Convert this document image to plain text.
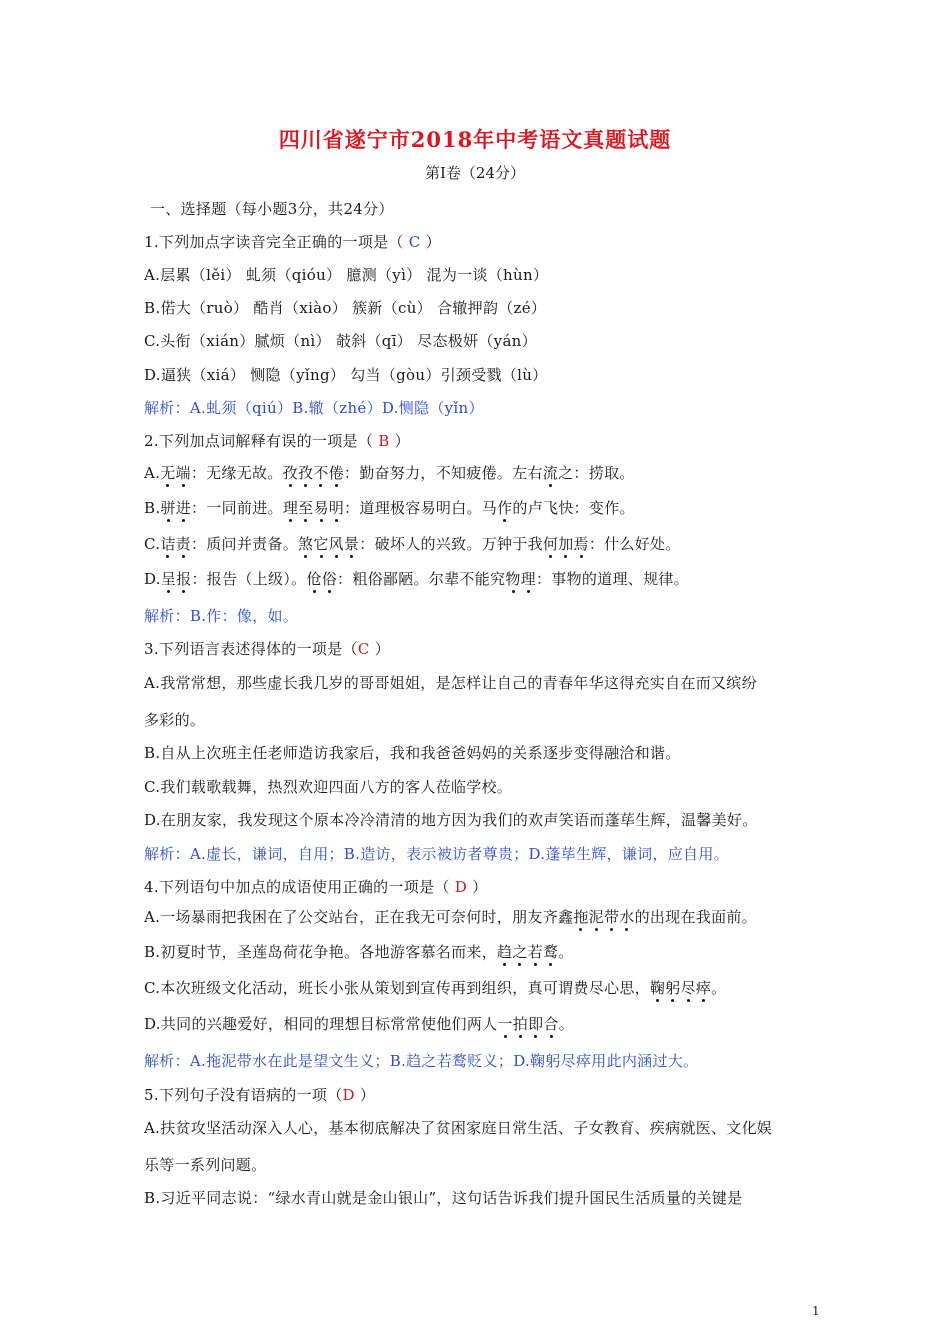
四川省遂宁市2018年中考语文真题试题
第Ⅰ卷（24分）
一、选择题（每小题3分，共24分）
1.下列加点字读音完全正确的一项是（ C ）
A.层累（lěi） 虬须（qiόu） 臆测（yì） 混为一谈（hùn）
B.偌大（ruò） 酷肖（xiào） 簇新（cù） 合辙押韵（zé）
C.头衔（xián）腻烦（nì） 攲斜（qī） 尽态极妍（yán）
D.逼狭（xiá） 恻隐（yǐng） 勾当（gòu）引颈受戮（lù）
解析：A.虬须（qiú）B.辙（zhé）D.恻隐（yǐn）
2.下列加点词解释有误的一项是（ B ）
A.无端：无缘无故。孜孜不倦：勤奋努力，不知疲倦。左右流之：捞取。
B.骈进：一同前进。理至易明：道理极容易明白。马作的卢飞快：变作。
C.诘责：质问并责备。煞它风景：破坏人的兴致。万钟于我何加焉：什么好处。
D.呈报：报告（上级）。伧俗：粗俗鄙陋。尔辈不能究物理：事物的道理、规律。
解析：B.作：像，如。
3.下列语言表述得体的一项是（C ）
A.我常常想，那些虚长我几岁的哥哥姐姐，是怎样让自己的青春年华这得充实自在而又缤纷
多彩的。
B.自从上次班主任老师造访我家后，我和我爸爸妈妈的关系逐步变得融洽和谐。
C.我们载歌载舞，热烈欢迎四面八方的客人莅临学校。
D.在朋友家，我发现这个原本冷冷清清的地方因为我们的欢声笑语而蓬荜生辉，温馨美好。
解析：A.虚长，谦词，自用；B.造访，表示被访者尊贵；D.蓬荜生辉，谦词，应自用。
4.下列语句中加点的成语使用正确的一项是（ D ）
A.一场暴雨把我困在了公交站台，正在我无可奈何时，朋友齐鑫拖泥带水的出现在我面前。
B.初夏时节，圣莲岛荷花争艳。各地游客慕名而来，趋之若鹜。
C.本次班级文化活动，班长小张从策划到宣传再到组织，真可谓费尽心思，鞠躬尽瘁。
D.共同的兴趣爱好，相同的理想目标常常使他们两人一拍即合。
解析：A.拖泥带水在此是望文生义；B.趋之若鹜贬义；D.鞠躬尽瘁用此内涵过大。
5.下列句子没有语病的一项（D ）
A.扶贫攻坚活动深入人心，基本彻底解决了贫困家庭日常生活、子女教育、疾病就医、文化娱
乐等一系列问题。
B.习近平同志说：“绿水青山就是金山银山”，这句话告诉我们提升国民生活质量的关键是
1
